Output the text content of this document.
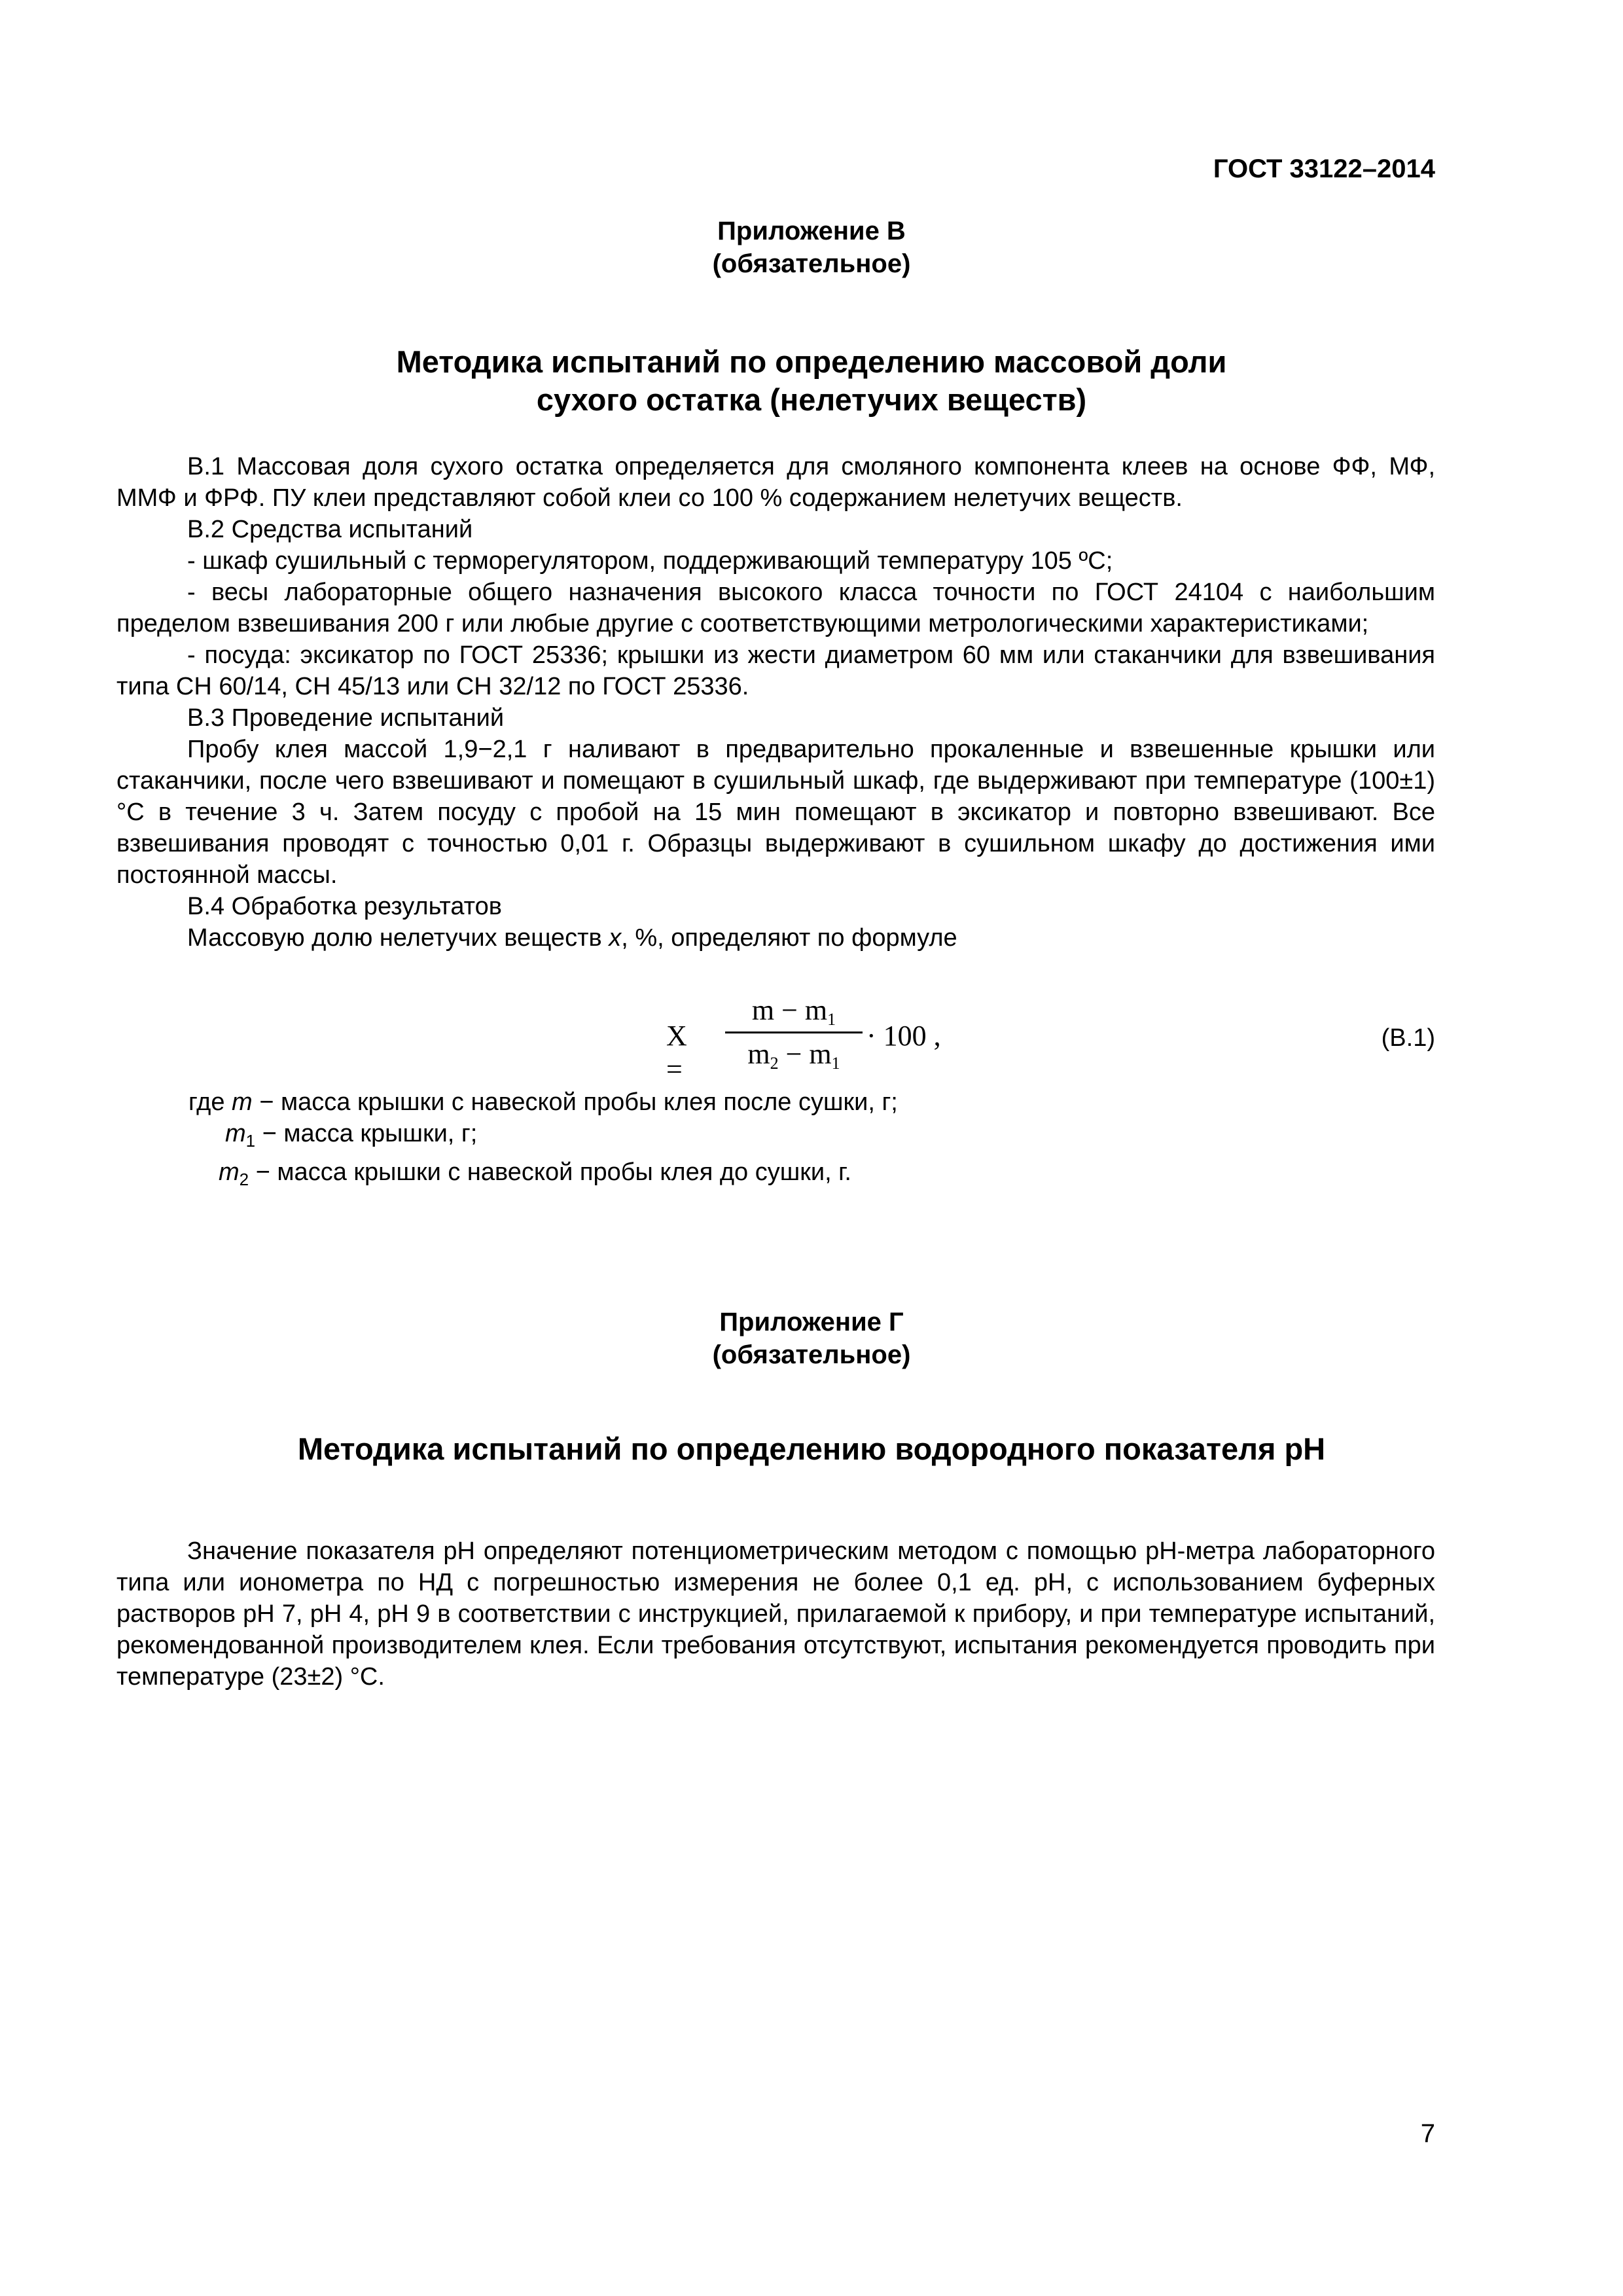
ГОСТ 33122–2014
Приложение В
(обязательное)
Методика испытаний по определению массовой доли
сухого остатка (нелетучих веществ)

В.1 Массовая доля сухого остатка определяется для смоляного компонента клеев на основе ФФ, МФ, ММФ и ФРФ. ПУ клеи представляют собой клеи со 100 % содержанием нелетучих веществ.

В.2 Средства испытаний

- шкаф сушильный с терморегулятором, поддерживающий температуру 105 ºС;

- весы лабораторные общего назначения высокого класса точности по ГОСТ 24104 с наибольшим пределом взвешивания 200 г или любые другие с соответствующими метрологическими характеристиками;

- посуда: эксикатор по ГОСТ 25336; крышки из жести диаметром 60 мм или стаканчики для взвешивания типа СН 60/14, СН 45/13 или СН 32/12 по ГОСТ 25336.

В.3 Проведение испытаний

Пробу клея массой 1,9−2,1 г наливают в предварительно прокаленные и взвешенные крышки или стаканчики, после чего взвешивают и помещают в сушильный шкаф, где выдерживают при температуре (100±1) °С в течение 3 ч. Затем посуду с пробой на 15 мин помещают в эксикатор и повторно взвешивают. Все взвешивания проводят с точностью 0,01 г. Образцы выдерживают в сушильном шкафу до достижения ими постоянной массы.

В.4 Обработка результатов

Массовую долю нелетучих веществ х, %, определяют по формуле

X =
$m - m_1$
$m_2 - m_1$
· 100 ,	(В.1)
где m − масса крышки с навеской пробы клея после сушки, г;
$m_1$ − масса крышки, г;
$m_2$ − масса крышки с навеской пробы клея до сушки, г.
Приложение Г
(обязательное)
Методика испытаний по определению водородного показателя рН

Значение показателя рН определяют потенциометрическим методом с помощью рН-метра лабораторного типа или ионометра по НД с погрешностью измерения не более 0,1 ед. рН, с использованием буферных растворов рН 7, рН 4, рН 9 в соответствии с инструкцией, прилагаемой к прибору, и при температуре испытаний, рекомендованной производителем клея. Если требования отсутствуют, испытания рекомендуется проводить при температуре (23±2) °С.

7
